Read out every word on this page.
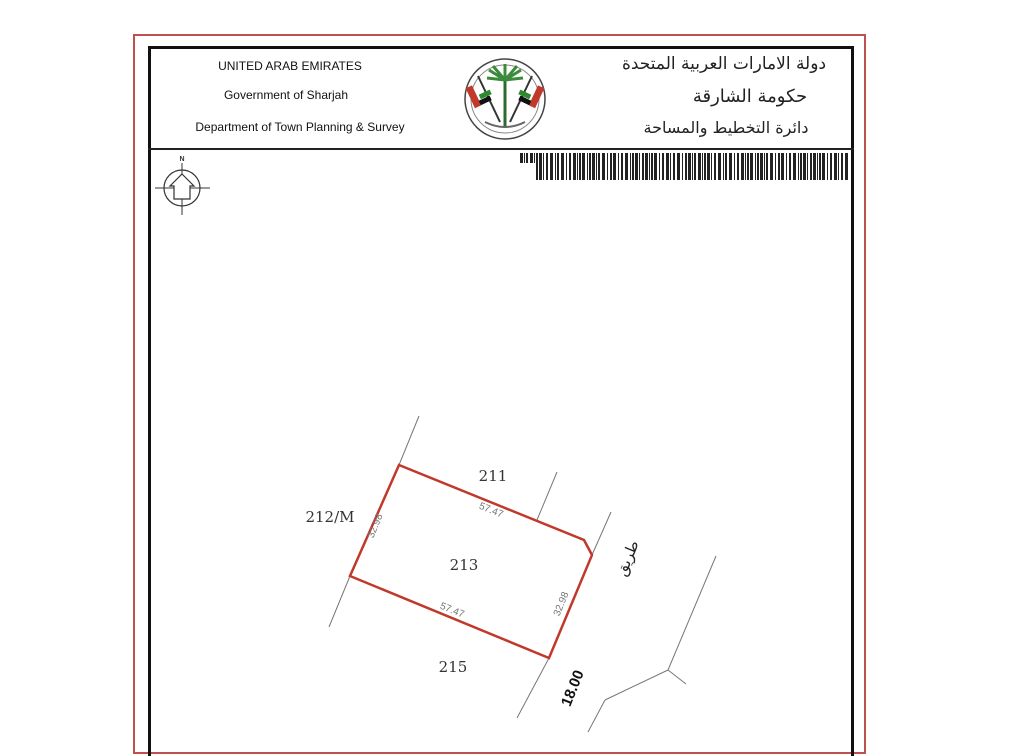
UNITED ARAB EMIRATES
Government of Sharjah
Department of Town Planning & Survey
دولة الامارات العربية المتحدة
حكومة الشارقة
دائرة التخطيط والمساحة
N
211
212/M
213
215
57.47
57.47
32.98
32.98
18.00
طريق
